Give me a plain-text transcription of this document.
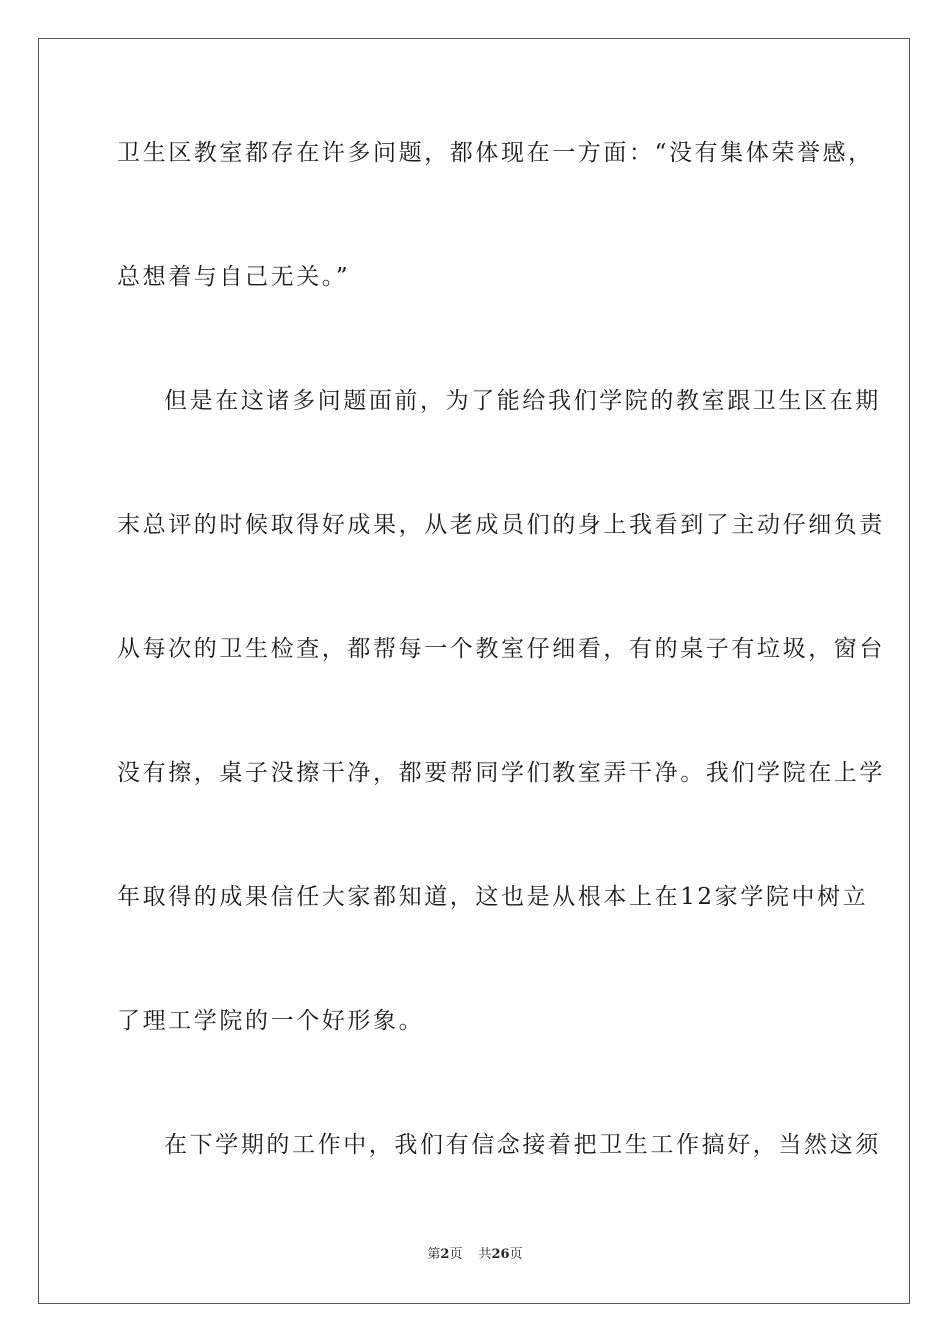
卫生区教室都存在许多问题，都体现在一方面：“没有集体荣誉感，

总想着与自己无关。”

但是在这诸多问题面前，为了能给我们学院的教室跟卫生区在期

末总评的时候取得好成果，从老成员们的身上我看到了主动仔细负责

从每次的卫生检查，都帮每一个教室仔细看，有的桌子有垃圾，窗台

没有擦，桌子没擦干净，都要帮同学们教室弄干净。我们学院在上学

年取得的成果信任大家都知道，这也是从根本上在12家学院中树立

了理工学院的一个好形象。

在下学期的工作中，我们有信念接着把卫生工作搞好，当然这须

第2页 共26页
